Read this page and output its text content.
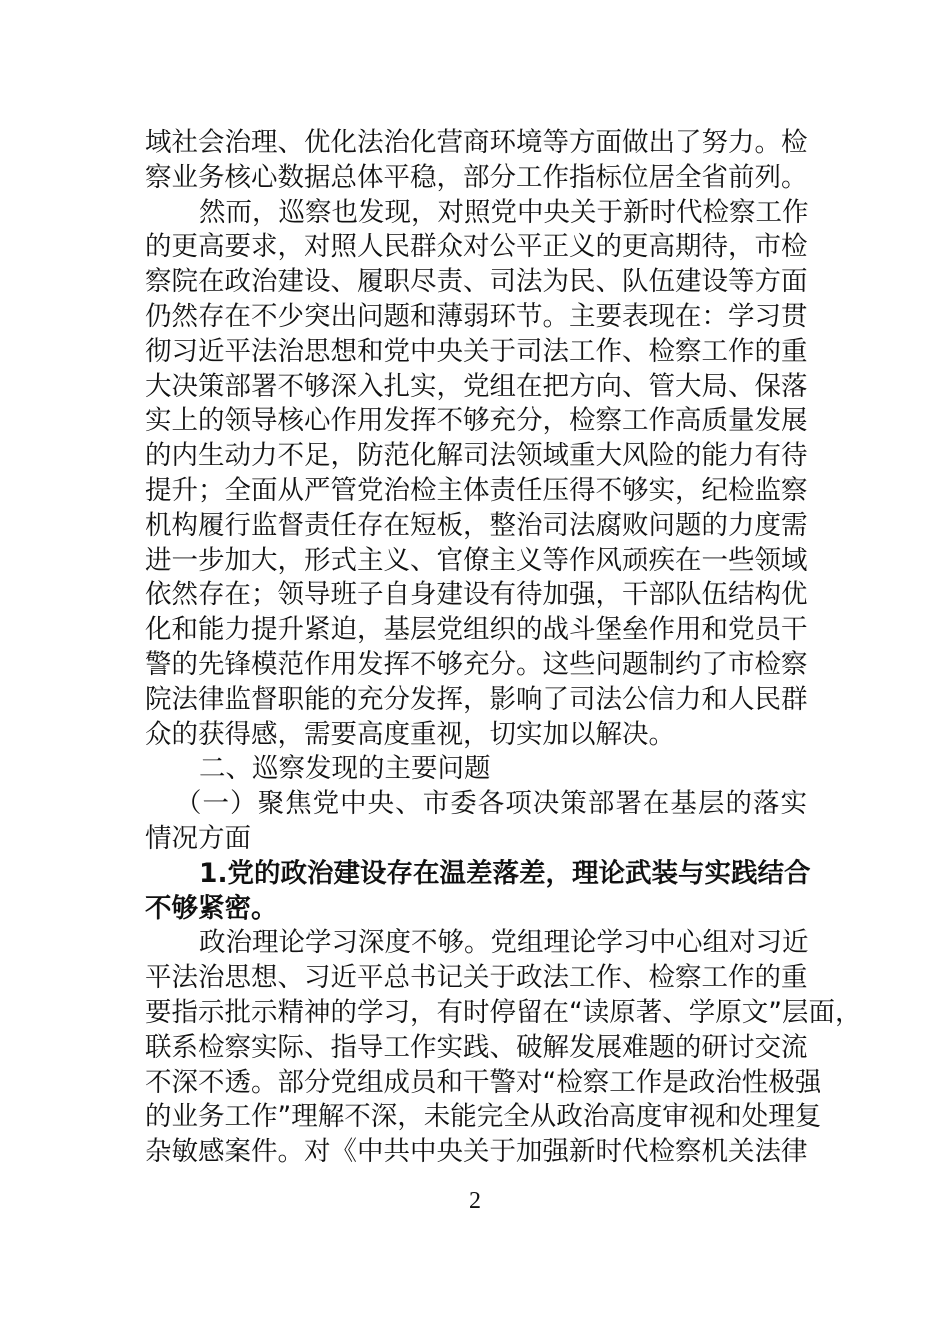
域社会治理、优化法治化营商环境等方面做出了努力。检
察业务核心数据总体平稳，部分工作指标位居全省前列。
然而，巡察也发现，对照党中央关于新时代检察工作
的更高要求，对照人民群众对公平正义的更高期待，市检
察院在政治建设、履职尽责、司法为民、队伍建设等方面
仍然存在不少突出问题和薄弱环节。主要表现在：学习贯
彻习近平法治思想和党中央关于司法工作、检察工作的重
大决策部署不够深入扎实，党组在把方向、管大局、保落
实上的领导核心作用发挥不够充分，检察工作高质量发展
的内生动力不足，防范化解司法领域重大风险的能力有待
提升；全面从严管党治检主体责任压得不够实，纪检监察
机构履行监督责任存在短板，整治司法腐败问题的力度需
进一步加大，形式主义、官僚主义等作风顽疾在一些领域
依然存在；领导班子自身建设有待加强，干部队伍结构优
化和能力提升紧迫，基层党组织的战斗堡垒作用和党员干
警的先锋模范作用发挥不够充分。这些问题制约了市检察
院法律监督职能的充分发挥，影响了司法公信力和人民群
众的获得感，需要高度重视，切实加以解决。
二、巡察发现的主要问题
（一）聚焦党中央、市委各项决策部署在基层的落实
情况方面
1.党的政治建设存在温差落差，理论武装与实践结合
不够紧密。
政治理论学习深度不够。党组理论学习中心组对习近
平法治思想、习近平总书记关于政法工作、检察工作的重
要指示批示精神的学习，有时停留在“读原著、学原文”层面，
联系检察实际、指导工作实践、破解发展难题的研讨交流
不深不透。部分党组成员和干警对“检察工作是政治性极强
的业务工作”理解不深，未能完全从政治高度审视和处理复
杂敏感案件。对《中共中央关于加强新时代检察机关法律
2
